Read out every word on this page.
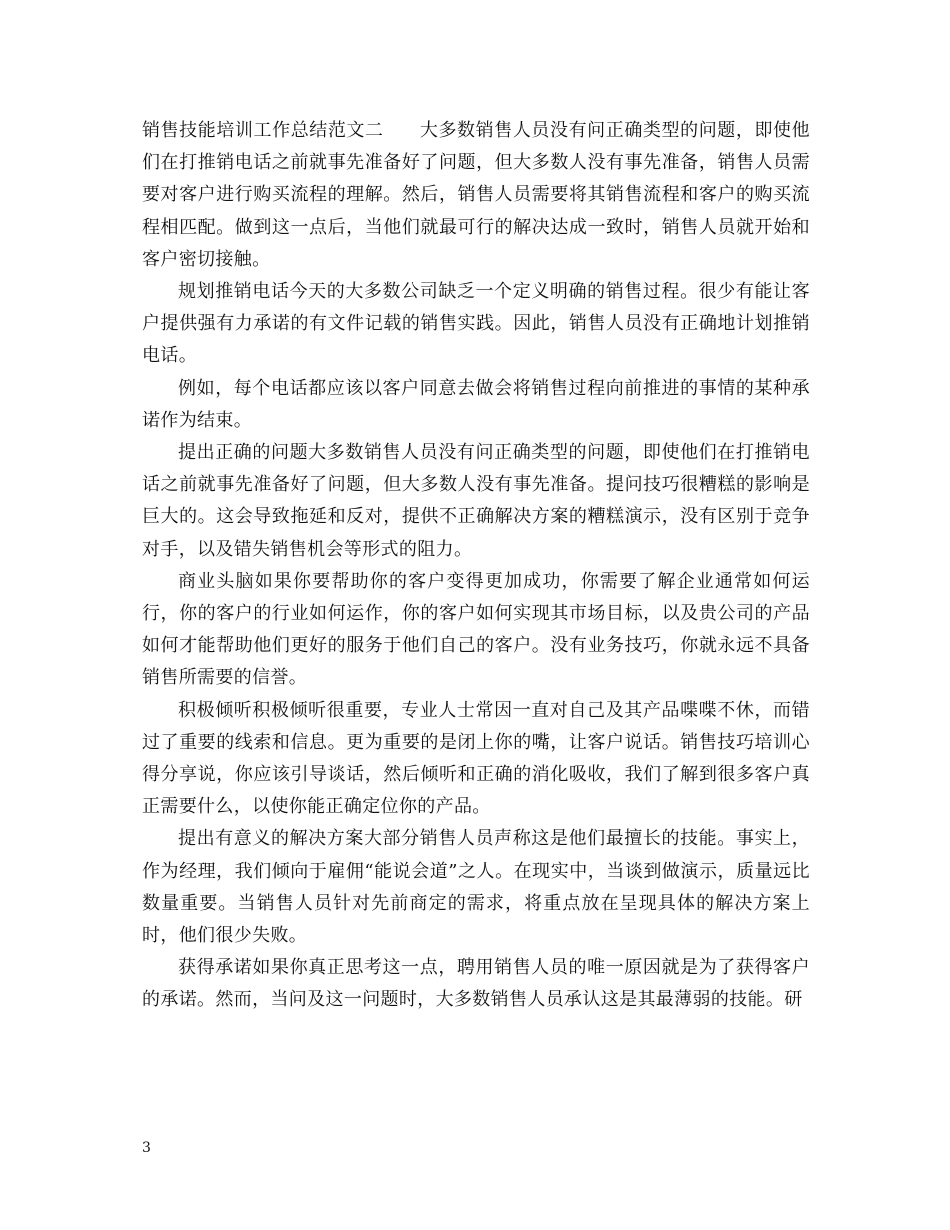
销售技能培训工作总结范文二 大多数销售人员没有问正确类型的问题，即使他们在打推销电话之前就事先准备好了问题，但大多数人没有事先准备，销售人员需要对客户进行购买流程的理解。然后，销售人员需要将其销售流程和客户的购买流程相匹配。做到这一点后，当他们就最可行的解决达成一致时，销售人员就开始和客户密切接触。

规划推销电话今天的大多数公司缺乏一个定义明确的销售过程。很少有能让客户提供强有力承诺的有文件记载的销售实践。因此，销售人员没有正确地计划推销电话。

例如，每个电话都应该以客户同意去做会将销售过程向前推进的事情的某种承诺作为结束。

提出正确的问题大多数销售人员没有问正确类型的问题，即使他们在打推销电话之前就事先准备好了问题，但大多数人没有事先准备。提问技巧很糟糕的影响是巨大的。这会导致拖延和反对，提供不正确解决方案的糟糕演示，没有区别于竞争对手，以及错失销售机会等形式的阻力。

商业头脑如果你要帮助你的客户变得更加成功，你需要了解企业通常如何运行，你的客户的行业如何运作，你的客户如何实现其市场目标，以及贵公司的产品如何才能帮助他们更好的服务于他们自己的客户。没有业务技巧，你就永远不具备销售所需要的信誉。

积极倾听积极倾听很重要，专业人士常因一直对自己及其产品喋喋不休，而错过了重要的线索和信息。更为重要的是闭上你的嘴，让客户说话。销售技巧培训心得分享说，你应该引导谈话，然后倾听和正确的消化吸收，我们了解到很多客户真正需要什么，以使你能正确定位你的产品。

提出有意义的解决方案大部分销售人员声称这是他们最擅长的技能。事实上，作为经理，我们倾向于雇佣“能说会道”之人。在现实中，当谈到做演示，质量远比数量重要。当销售人员针对先前商定的需求，将重点放在呈现具体的解决方案上时，他们很少失败。

获得承诺如果你真正思考这一点，聘用销售人员的唯一原因就是为了获得客户的承诺。然而，当问及这一问题时，大多数销售人员承认这是其最薄弱的技能。研

3
